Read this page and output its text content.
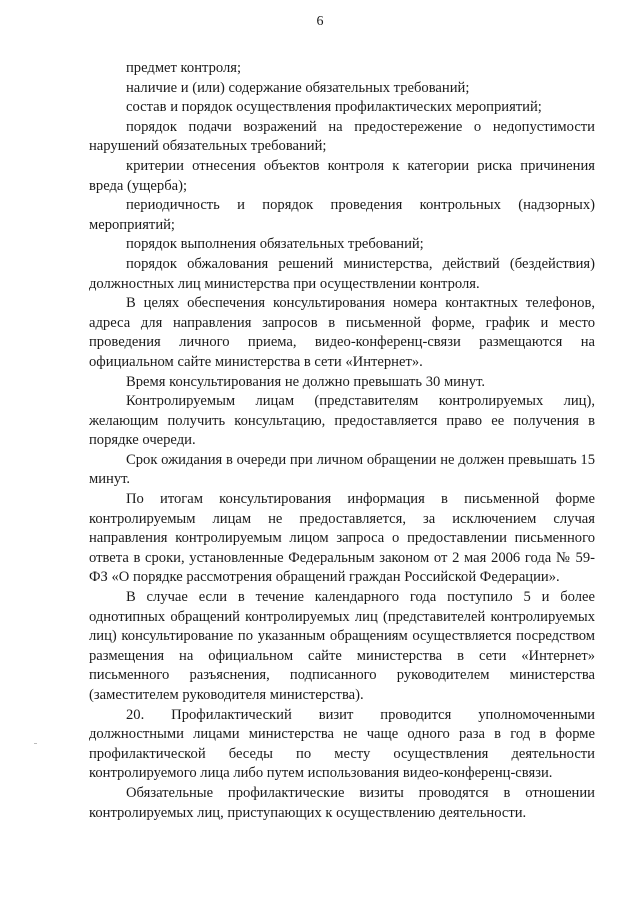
6

предмет контроля;

наличие и (или) содержание обязательных требований;

состав и порядок осуществления профилактических мероприятий;

порядок подачи возражений на предостережение о недопустимости нарушений обязательных требований;

критерии отнесения объектов контроля к категории риска причинения вреда (ущерба);

периодичность и порядок проведения контрольных (надзорных) мероприятий;

порядок выполнения обязательных требований;

порядок обжалования решений министерства, действий (бездействия) должностных лиц министерства при осуществлении контроля.

В целях обеспечения консультирования номера контактных телефонов, адреса для направления запросов в письменной форме, график и место проведения личного приема, видео-конференц-связи размещаются на официальном сайте министерства в сети «Интернет».

Время консультирования не должно превышать 30 минут.

Контролируемым лицам (представителям контролируемых лиц), желающим получить консультацию, предоставляется право ее получения в порядке очереди.

Срок ожидания в очереди при личном обращении не должен превышать 15 минут.

По итогам консультирования информация в письменной форме контролируемым лицам не предоставляется, за исключением случая направления контролируемым лицом запроса о предоставлении письменного ответа в сроки, установленные Федеральным законом от 2 мая 2006 года № 59-ФЗ «О порядке рассмотрения обращений граждан Российской Федерации».

В случае если в течение календарного года поступило 5 и более однотипных обращений контролируемых лиц (представителей контролируемых лиц) консультирование по указанным обращениям осуществляется посредством размещения на официальном сайте министерства в сети «Интернет» письменного разъяснения, подписанного руководителем министерства (заместителем руководителя министерства).

20. Профилактический визит проводится уполномоченными должностными лицами министерства не чаще одного раза в год в форме профилактической беседы по месту осуществления деятельности контролируемого лица либо путем использования видео-конференц-связи.

Обязательные профилактические визиты проводятся в отношении контролируемых лиц, приступающих к осуществлению деятельности.
